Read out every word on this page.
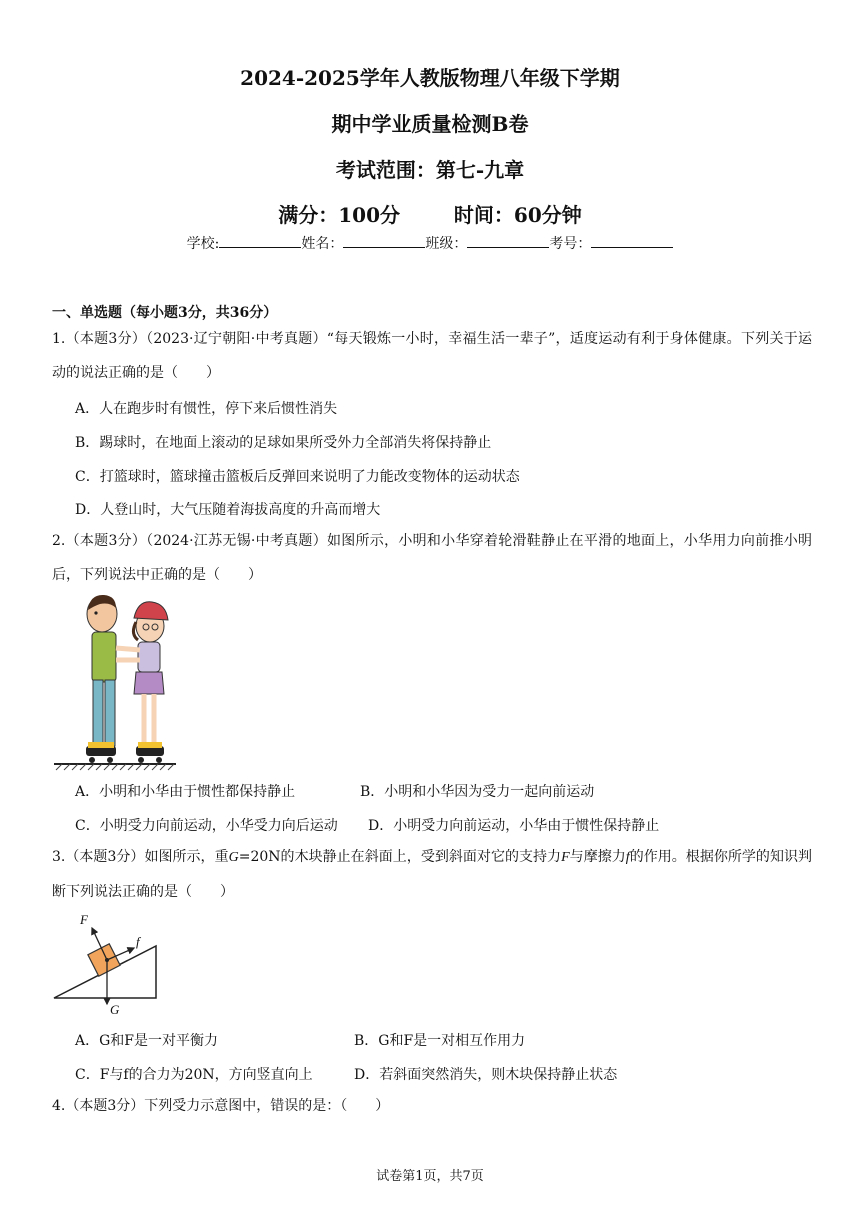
2024-2025学年人教版物理八年级下学期
期中学业质量检测B卷
考试范围：第七-九章
满分：100分	时间：60分钟
学校:	姓名：	班级：	考号：
一、单选题（每小题3分，共36分）
1.（本题3分）（2023·辽宁朝阳·中考真题）“每天锻炼一小时，幸福生活一辈子”，适度运动有利于身体健康。下列关于运动的说法正确的是（　　）
A．人在跑步时有惯性，停下来后惯性消失
B．踢球时，在地面上滚动的足球如果所受外力全部消失将保持静止
C．打篮球时，篮球撞击篮板后反弹回来说明了力能改变物体的运动状态
D．人登山时，大气压随着海拔高度的升高而增大
2.（本题3分）（2024·江苏无锡·中考真题）如图所示，小明和小华穿着轮滑鞋静止在平滑的地面上，小华用力向前推小明后，下列说法中正确的是（　　）
A．小明和小华由于惯性都保持静止	B．小明和小华因为受力一起向前运动
C．小明受力向前运动，小华受力向后运动 D．小明受力向前运动，小华由于惯性保持静止
3.（本题3分）如图所示，重G=20N的木块静止在斜面上，受到斜面对它的支持力F与摩擦力f的作用。根据你所学的知识判断下列说法正确的是（　　）
F
f
G
A．G和F是一对平衡力	B．G和F是一对相互作用力
C．F与f的合力为20N，方向竖直向上	D．若斜面突然消失，则木块保持静止状态
4.（本题3分）下列受力示意图中，错误的是：（　　）
试卷第1页，共7页
